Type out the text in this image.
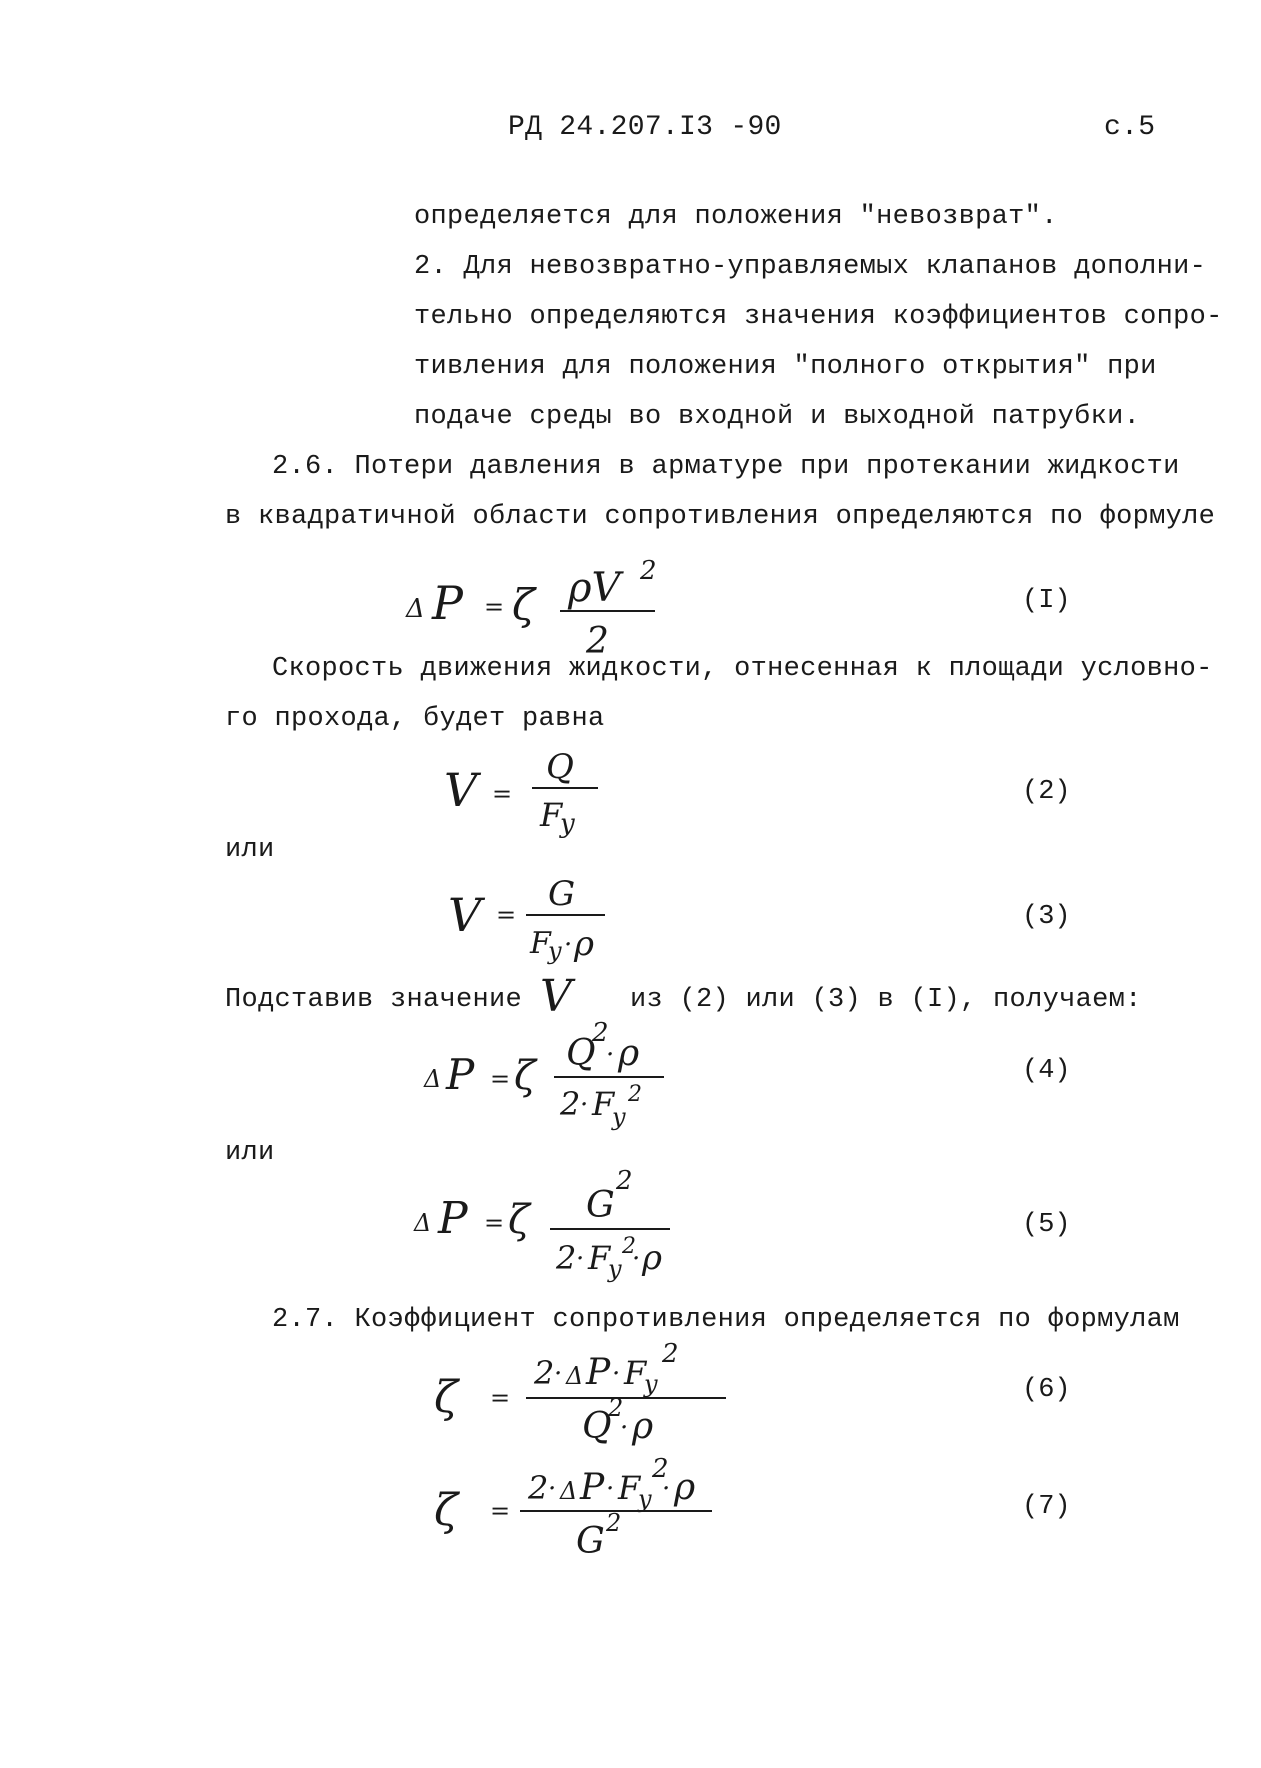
РД 24.207.I3 -90	с.5
определяется для положения "невозврат".
2. Для невозвратно-управляемых клапанов дополни-
тельно определяются значения коэффициентов сопро-
тивления для положения "полного открытия" при
подаче среды во входной и выходной патрубки.
2.6. Потери давления в арматуре при протекании жидкости
в квадратичной области сопротивления определяются по формуле
Δ P = ζ ρV 2
2
(I)
Скорость движения жидкости, отнесенная к площади условно-
го прохода, будет равна
V =
Q
F
y
(2)
или
V =
G
F
y · ρ
(3)
Подставив значение V из (2) или (3) в (I), получаем:
Δ P = ζ Q
2
· ρ
2 · F
y
2
(4)
или
Δ P = ζ G
2
2 · F
y
2
· ρ
(5)
2.7. Коэффициент сопротивления определяется по формулам
ζ =
2 · Δ P · F
y
2
Q
2
· ρ
(6)
ζ =
2 · Δ P · F
y
2
· ρ
G 2
(7)
